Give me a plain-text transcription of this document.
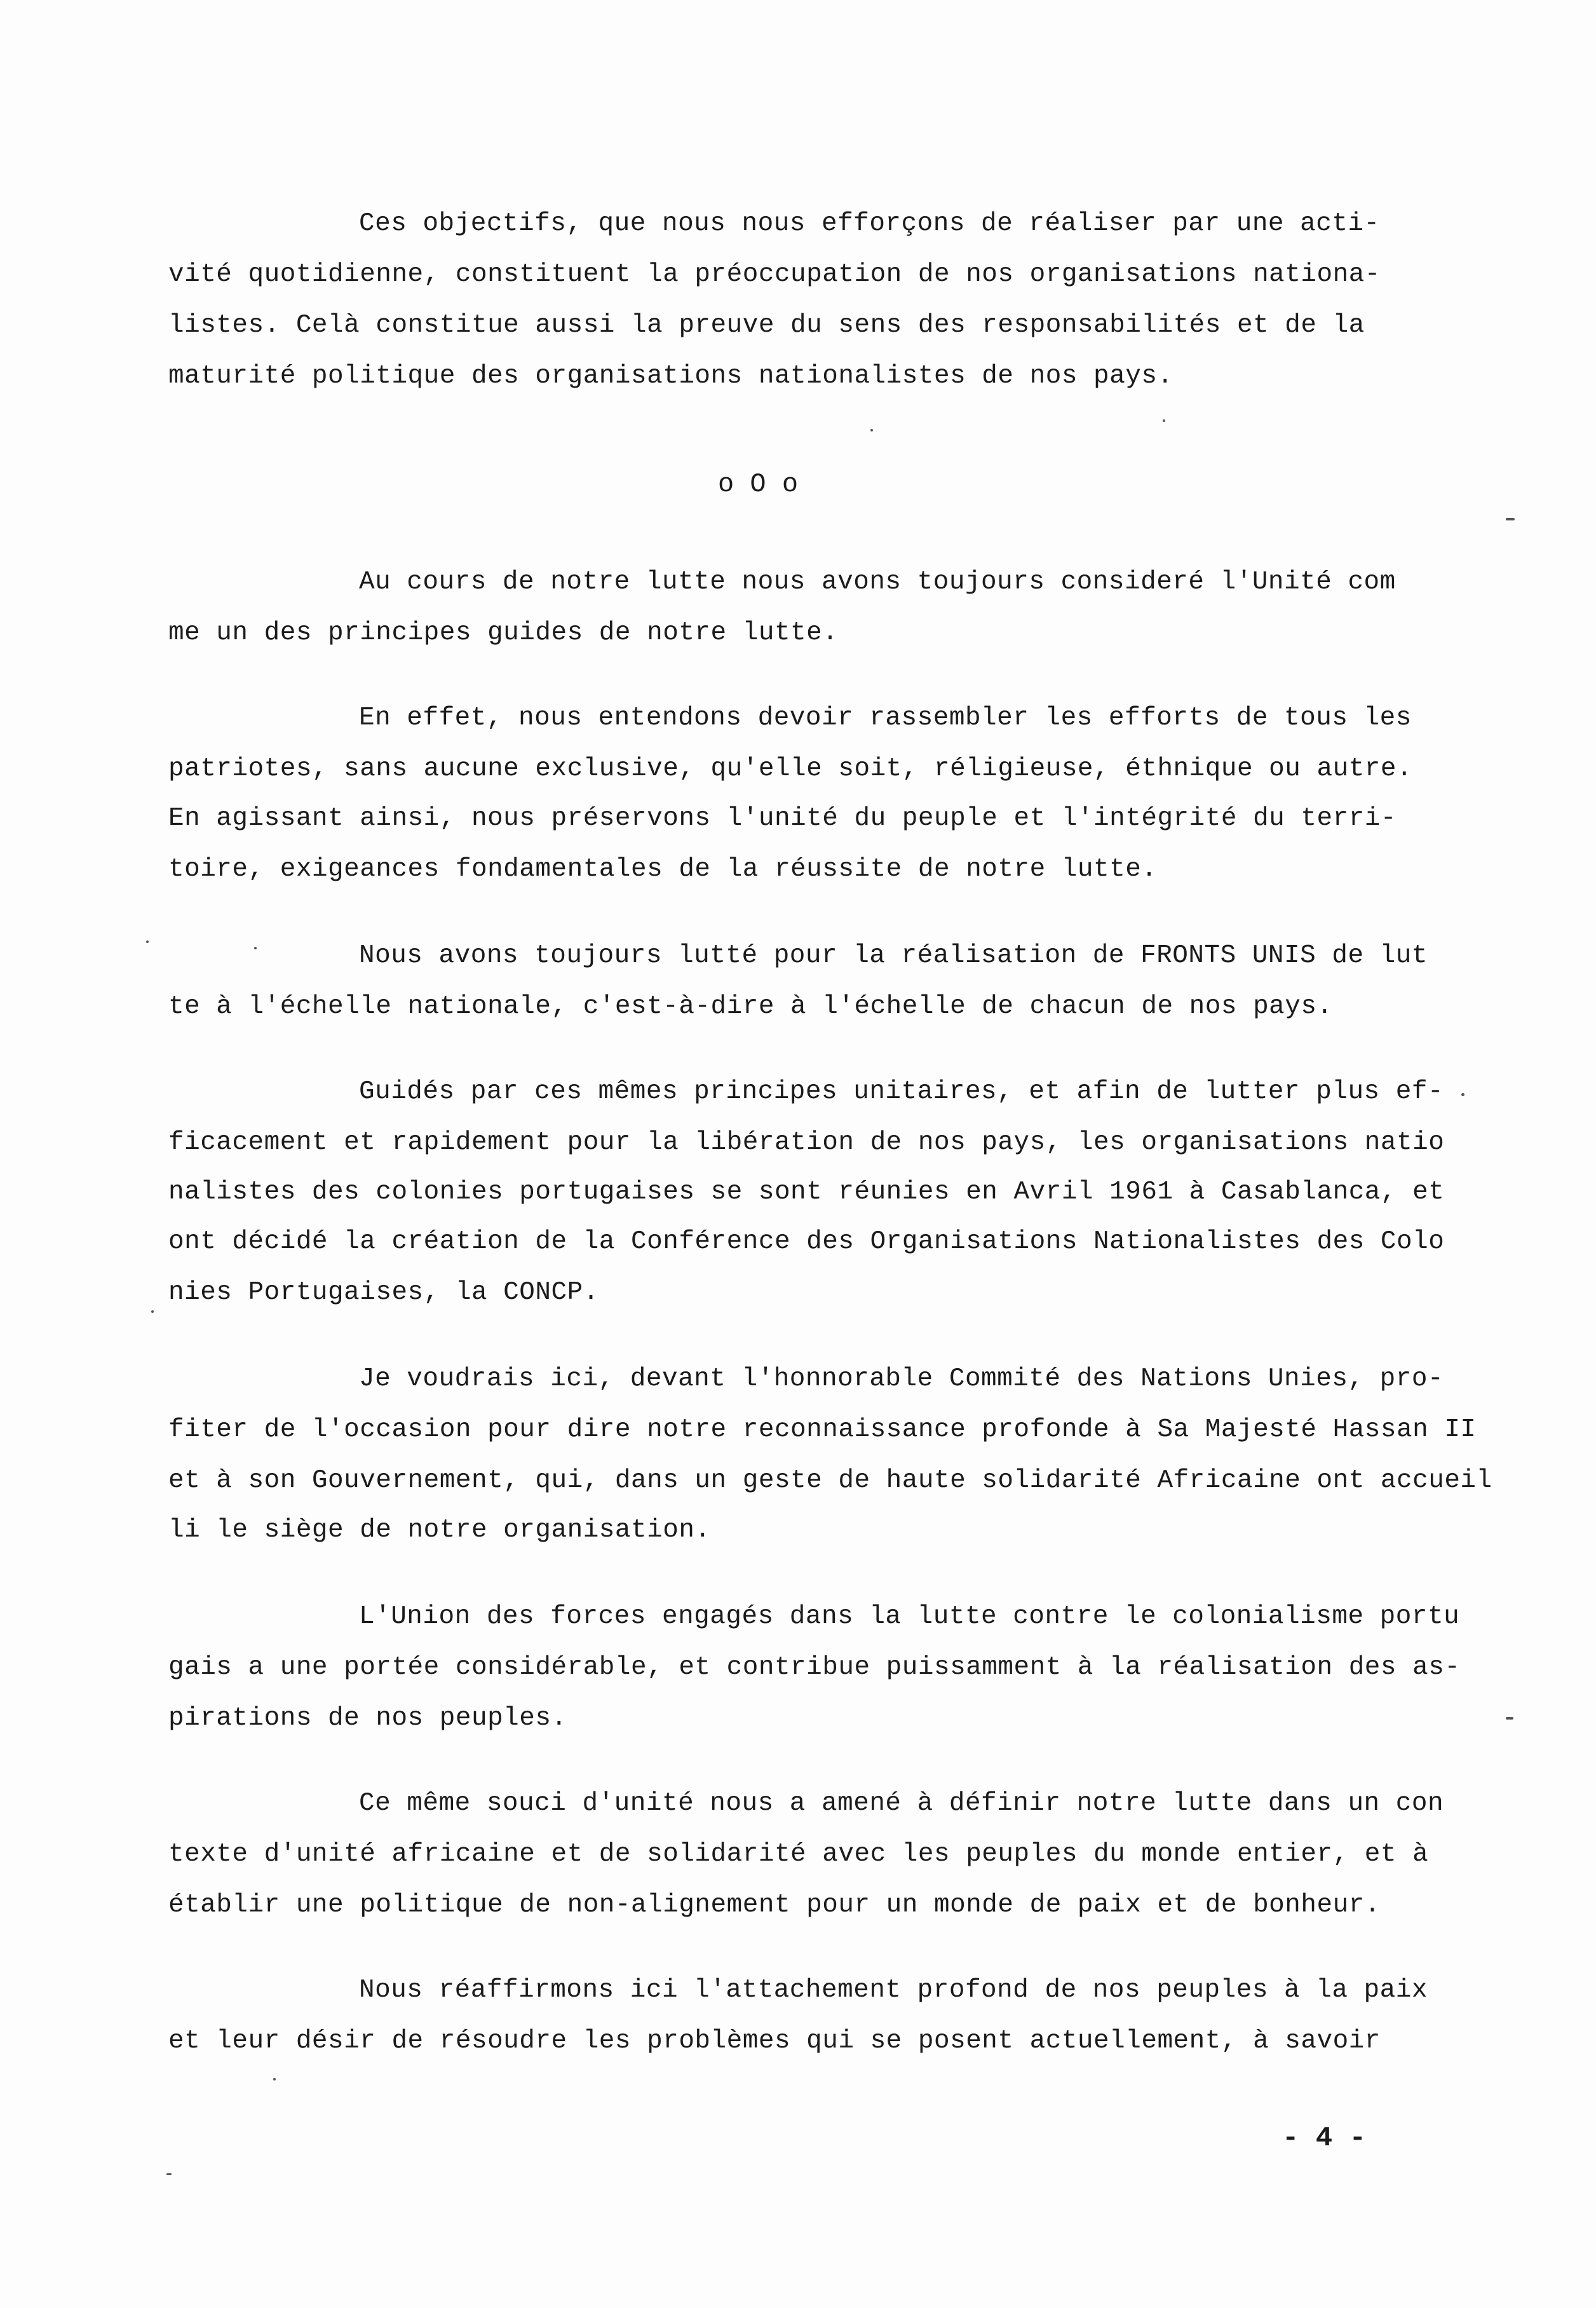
Ces objectifs, que nous nous efforçons de réaliser par une acti-
vité quotidienne, constituent la préoccupation de nos organisations nationa-
listes. Celà constitue aussi la preuve du sens des responsabilités et de la
maturité politique des organisations nationalistes de nos pays.
o O o
Au cours de notre lutte nous avons toujours consideré l'Unité com
me un des principes guides de notre lutte.
En effet, nous entendons devoir rassembler les efforts de tous les
patriotes, sans aucune exclusive, qu'elle soit, réligieuse, éthnique ou autre.
En agissant ainsi, nous préservons l'unité du peuple et l'intégrité du terri-
toire, exigeances fondamentales de la réussite de notre lutte.
Nous avons toujours lutté pour la réalisation de FRONTS UNIS de lut
te à l'échelle nationale, c'est-à-dire à l'échelle de chacun de nos pays.
Guidés par ces mêmes principes unitaires, et afin de lutter plus ef-
ficacement et rapidement pour la libération de nos pays, les organisations natio
nalistes des colonies portugaises se sont réunies en Avril 1961 à Casablanca, et
ont décidé la création de la Conférence des Organisations Nationalistes des Colo
nies Portugaises, la CONCP.
Je voudrais ici, devant l'honnorable Commité des Nations Unies, pro-
fiter de l'occasion pour dire notre reconnaissance profonde à Sa Majesté Hassan II
et à son Gouvernement, qui, dans un geste de haute solidarité Africaine ont accueil
li le siège de notre organisation.
L'Union des forces engagés dans la lutte contre le colonialisme portu
gais a une portée considérable, et contribue puissamment à la réalisation des as-
pirations de nos peuples.
Ce même souci d'unité nous a amené à définir notre lutte dans un con
texte d'unité africaine et de solidarité avec les peuples du monde entier, et à
établir une politique de non-alignement pour un monde de paix et de bonheur.
Nous réaffirmons ici l'attachement profond de nos peuples à la paix
et leur désir de résoudre les problèmes qui se posent actuellement, à savoir
- 4 -
